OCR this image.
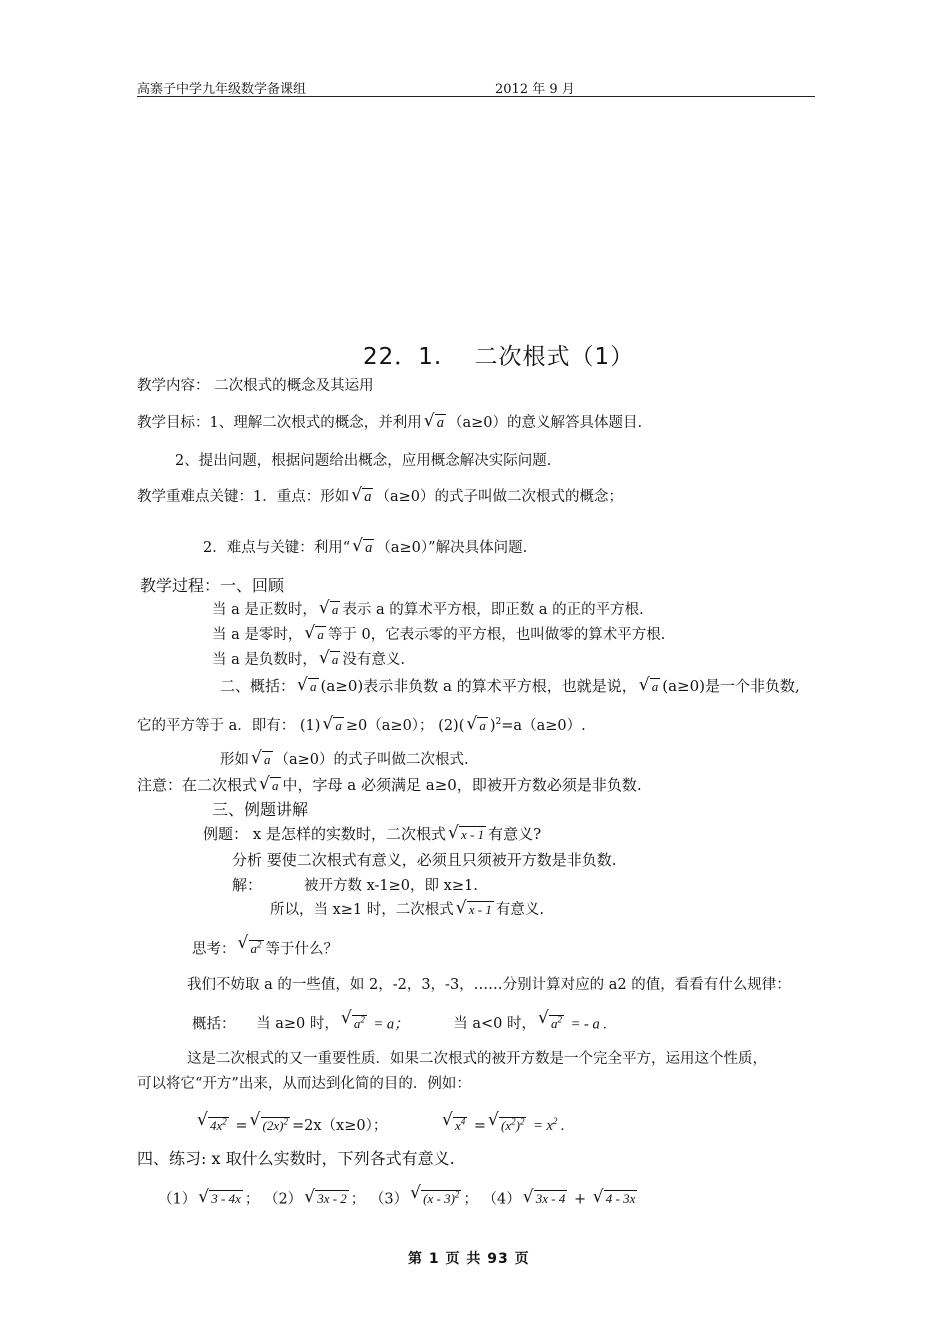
高寨子中学九年级数学备课组	2012 年 9 月
22．1.　 二次根式（1）
教学内容： 二次根式的概念及其运用
教学目标：1、理解二次根式的概念，并利用 √ a （a≥0）的意义解答具体题目.
2、提出问题，根据问题给出概念，应用概念解决实际问题.
教学重难点关键：1．重点：形如 √ a （a≥0）的式子叫做二次根式的概念；
2．难点与关键：利用“ √ a （a≥0）”解决具体问题.
教学过程：一、回顾
当 a 是正数时， √ a 表示 a 的算术平方根，即正数 a 的正的平方根.
当 a 是零时， √ a 等于 0，它表示零的平方根，也叫做零的算术平方根.
当 a 是负数时， √ a 没有意义.
二、概括： √ a (a≥0)表示非负数 a 的算术平方根，也就是说， √ a (a≥0)是一个非负数,
它的平方等于 a．即有： (1) √ a ≥0（a≥0）； (2)( √ a )$^2$=a（a≥0）.
形如 √ a （a≥0）的式子叫做二次根式.
注意：在二次根式 √ a 中，字母 a 必须满足 a≥0，即被开方数必须是非负数.
三、例题讲解
例题： x 是怎样的实数时，二次根式 √ x - 1 有意义?
分析 要使二次根式有意义，必须且只须被开方数是非负数.
解：	被开方数 x-1≥0，即 x≥1.
所以，当 x≥1 时，二次根式 √ x - 1 有意义.
思考： √ $a^2$ 等于什么？
我们不妨取 a 的一些值，如 2，-2，3，-3，……分别计算对应的 a2 的值，看看有什么规律：
概括： 当 a≥0 时， √ $a^2 = a$；	当 a<0 时， √ $a^2$ = - a .
这是二次根式的又一重要性质．如果二次根式的被开方数是一个完全平方，运用这个性质，
可以将它“开方”出来，从而达到化简的目的．例如：
√ $4x^2$ = √ $(2x)^2 =2x(x\ge 0)$；	√ $x^4$ = √ $(x^2)^2 = x^2$ .
四、练习: x 取什么实数时，下列各式有意义.
（1） √ 3 - 4x ； （2） √ 3x - 2 ； （3） √ (x - 3)$^2$ ； （4） √ 3x - 4 + √ 4 - 3x
第 1 页 共 93 页
